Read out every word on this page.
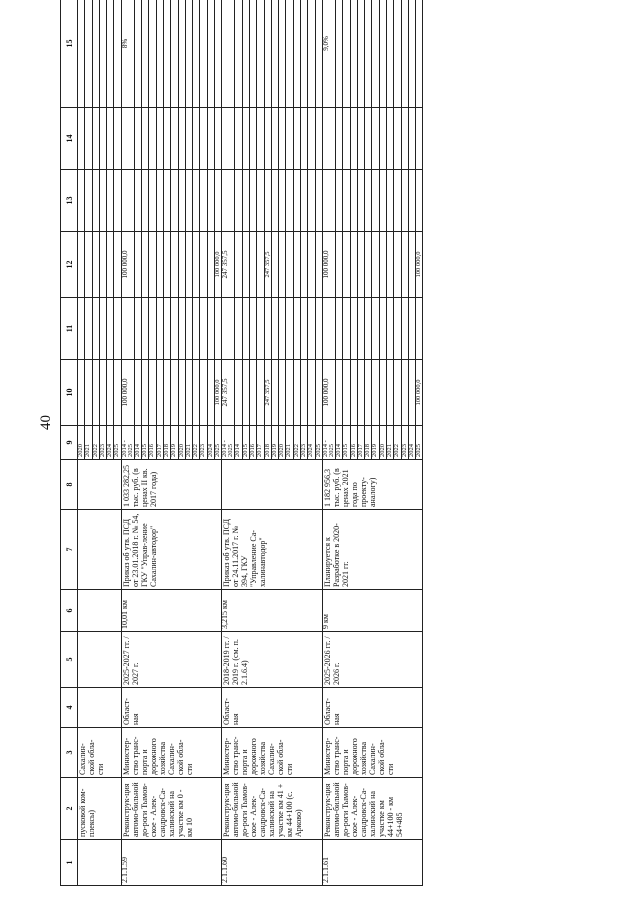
40
1	2	3	4	5	6	7	8	9	10	11	12	13	14	15
	пусковой ком-плексы)	Сахалин-ской обла-сти						2020						
								2021						
								2022						
								2023						
								2024						
								2025						
2.1.1.59	Реконструк-ция автомо-бильной до-роги Тымов-ское - Алек-сандровск-Са-халинский на участке км 0 - км 10	Министер-ство транс-порта и дорожного хозяйства Сахалин-ской обла-сти	Област-ная	2025-2027 гг. / 2027 г.	10,01 км	Приказ об утв. ПСД от 23.01.2018 г. № 54, ГКУ "Управ-ление Сахалин-автодор"	1 033 282,25 тыс. руб. (в ценах II кв. 2017 года)	2014 - 2025	100 000,0		100 000,0			8%
								2014						
								2015						
								2016						
								2017						
								2018						
								2019						
								2020						
								2021						
								2022						
								2023						
								2024						
								2025	100 000,0		100 000,0			
2.1.1.60	Реконструк-ция автомо-бильной до-роги Тымов-ское - Алек-сандровск-Са-халинский на участке км 41 + км 44+100 (с. Арково)	Министер-ство транс-порта и дорожного хозяйства Сахалин-ской обла-сти	Област-ная	2018-2019 гг. / 2019 г. (см. п. 2.1.6.4)	3,215 км	Приказ об утв. ПСД от 24.11.2017 г. № 394, ГКУ "Управление Са-халинавтодор"		2014 - 2025	247 357,5		247 357,5			
								2014						
								2015						
								2016						
								2017						
								2018	247 357,5		247 357,5			
								2019						
								2020						
								2021						
								2022						
								2023						
								2024						
								2025						
2.1.1.61	Реконструк-ция автомо-бильной до-роги Тымов-ское - Алек-сандровск-Са-халинский на участке км 44+100 - км 54+485	Министер-ство транс-порта и дорожного хозяйства Сахалин-ской обла-сти	Област-ная	2025-2026 гг. / 2026 г.	9 км	Планируется к Разработке в 2020- 2021 гг.	1 182 956,3 тыс. руб. (в ценах 2021 года по проекту-аналогу)	2014 - 2025	100 000,0		100 000,0			9,0%
								2014						
								2015						
								2016						
								2017						
								2018						
								2019						
								2020						
								2021						
								2022						
								2023						
								2024						
								2025	100 000,0		100 000,0			
